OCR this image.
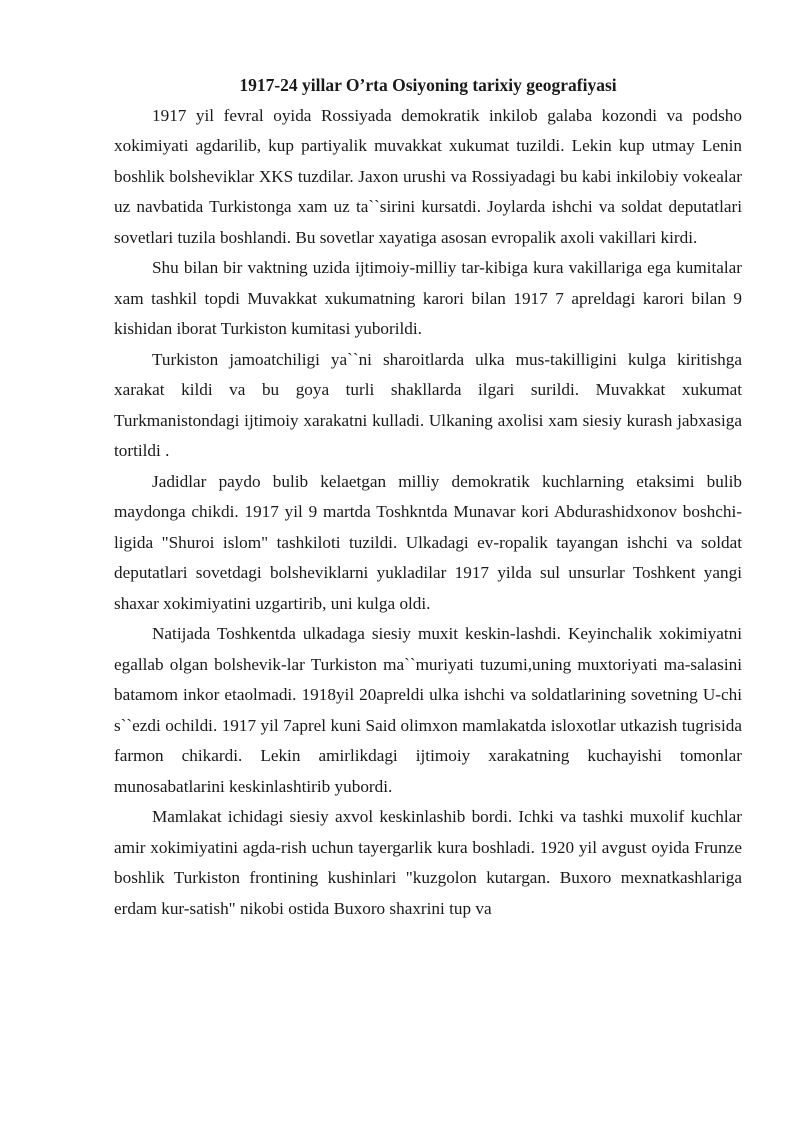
1917-24 yillar O’rta Osiyoning tarixiy geografiyasi

1917 yil fevral oyida Rossiyada demokratik inkilob galaba kozondi va podsho xokimiyati agdarilib, kup partiyalik muvakkat xukumat tuzildi. Lekin kup utmay Lenin boshlik bolsheviklar XKS tuzdilar. Jaxon urushi va Rossiyadagi bu kabi inkilobiy vokealar uz navbatida Turkistonga xam uz ta``sirini kursatdi. Joylarda ishchi va soldat deputatlari sovetlari tuzila boshlandi. Bu sovetlar xayatiga asosan evropalik axoli vakillari kirdi.

Shu bilan bir vaktning uzida ijtimoiy-milliy tar-kibiga kura vakillariga ega kumitalar xam tashkil topdi Muvakkat xukumatning karori bilan 1917 7 apreldagi karori bilan 9 kishidan iborat Turkiston kumitasi yuborildi.

Turkiston jamoatchiligi ya``ni sharoitlarda ulka mus-takilligini kulga kiritishga xarakat kildi va bu goya turli shakllarda ilgari surildi. Muvakkat xukumat Turkmanistondagi ijtimoiy xarakatni kulladi. Ulkaning axolisi xam siesiy kurash jabxasiga tortildi .

Jadidlar paydo bulib kelaetgan milliy demokratik kuchlarning etaksimi bulib maydonga chikdi. 1917 yil 9 martda Toshkntda Munavar kori Abdurashidxonov boshchi-ligida "Shuroi islom" tashkiloti tuzildi. Ulkadagi ev-ropalik tayangan ishchi va soldat deputatlari sovetdagi bolsheviklarni yukladilar 1917 yilda sul unsurlar Toshkent yangi shaxar xokimiyatini uzgartirib, uni kulga oldi.

Natijada Toshkentda ulkadaga siesiy muxit keskin-lashdi. Keyinchalik xokimiyatni egallab olgan bolshevik-lar Turkiston ma``muriyati tuzumi,uning muxtoriyati ma-salasini batamom inkor etaolmadi. 1918yil 20apreldi ulka ishchi va soldatlarining sovetning U-chi s``ezdi ochildi. 1917 yil 7aprel kuni Said olimxon mamlakatda isloxotlar utkazish tugrisida farmon chikardi. Lekin amirlikdagi ijtimoiy xarakatning kuchayishi tomonlar munosabatlarini keskinlashtirib yubordi.

Mamlakat ichidagi siesiy axvol keskinlashib bordi. Ichki va tashki muxolif kuchlar amir xokimiyatini agda-rish uchun tayergarlik kura boshladi. 1920 yil avgust oyida Frunze boshlik Turkiston frontining kushinlari "kuzgolon kutargan. Buxoro mexnatkashlariga erdam kur-satish" nikobi ostida Buxoro shaxrini tup va
